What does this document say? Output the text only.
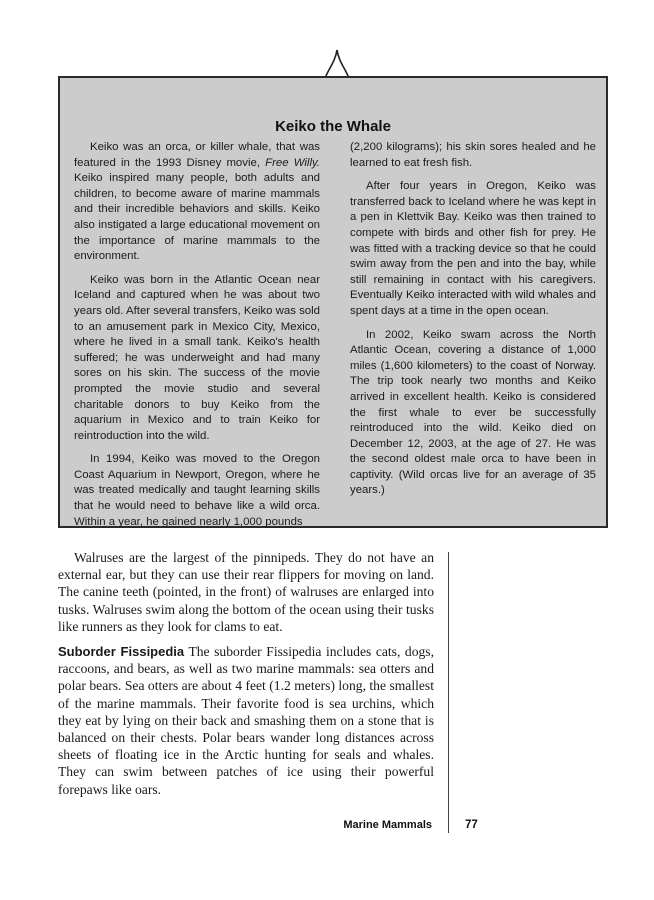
Keiko the Whale

Keiko was an orca, or killer whale, that was featured in the 1993 Disney movie, Free Willy. Keiko inspired many people, both adults and children, to become aware of marine mammals and their incredible behaviors and skills. Keiko also instigated a large educational movement on the importance of marine mammals to the environment.

Keiko was born in the Atlantic Ocean near Iceland and captured when he was about two years old. After several transfers, Keiko was sold to an amusement park in Mexico City, Mexico, where he lived in a small tank. Keiko's health suffered; he was underweight and had many sores on his skin. The success of the movie prompted the movie studio and several charitable donors to buy Keiko from the aquarium in Mexico and to train Keiko for reintroduction into the wild.

In 1994, Keiko was moved to the Oregon Coast Aquarium in Newport, Oregon, where he was treated medically and taught learning skills that he would need to behave like a wild orca. Within a year, he gained nearly 1,000 pounds

(2,200 kilograms); his skin sores healed and he learned to eat fresh fish.

After four years in Oregon, Keiko was transferred back to Iceland where he was kept in a pen in Klettvik Bay. Keiko was then trained to compete with birds and other fish for prey. He was fitted with a tracking device so that he could swim away from the pen and into the bay, while still remaining in contact with his caregivers. Eventually Keiko interacted with wild whales and spent days at a time in the open ocean.

In 2002, Keiko swam across the North Atlantic Ocean, covering a distance of 1,000 miles (1,600 kilometers) to the coast of Norway. The trip took nearly two months and Keiko arrived in excellent health. Keiko is considered the first whale to ever be successfully reintroduced into the wild. Keiko died on December 12, 2003, at the age of 27. He was the second oldest male orca to have been in captivity. (Wild orcas live for an average of 35 years.)

Walruses are the largest of the pinnipeds. They do not have an external ear, but they can use their rear flippers for moving on land. The canine teeth (pointed, in the front) of walruses are enlarged into tusks. Walruses swim along the bottom of the ocean using their tusks like runners as they look for clams to eat.

Suborder Fissipedia The suborder Fissipedia includes cats, dogs, raccoons, and bears, as well as two marine mammals: sea otters and polar bears. Sea otters are about 4 feet (1.2 meters) long, the smallest of the marine mammals. Their favorite food is sea urchins, which they eat by lying on their back and smashing them on a stone that is balanced on their chests. Polar bears wander long distances across sheets of floating ice in the Arctic hunting for seals and whales. They can swim between patches of ice using their powerful forepaws like oars.

Marine Mammals	77
